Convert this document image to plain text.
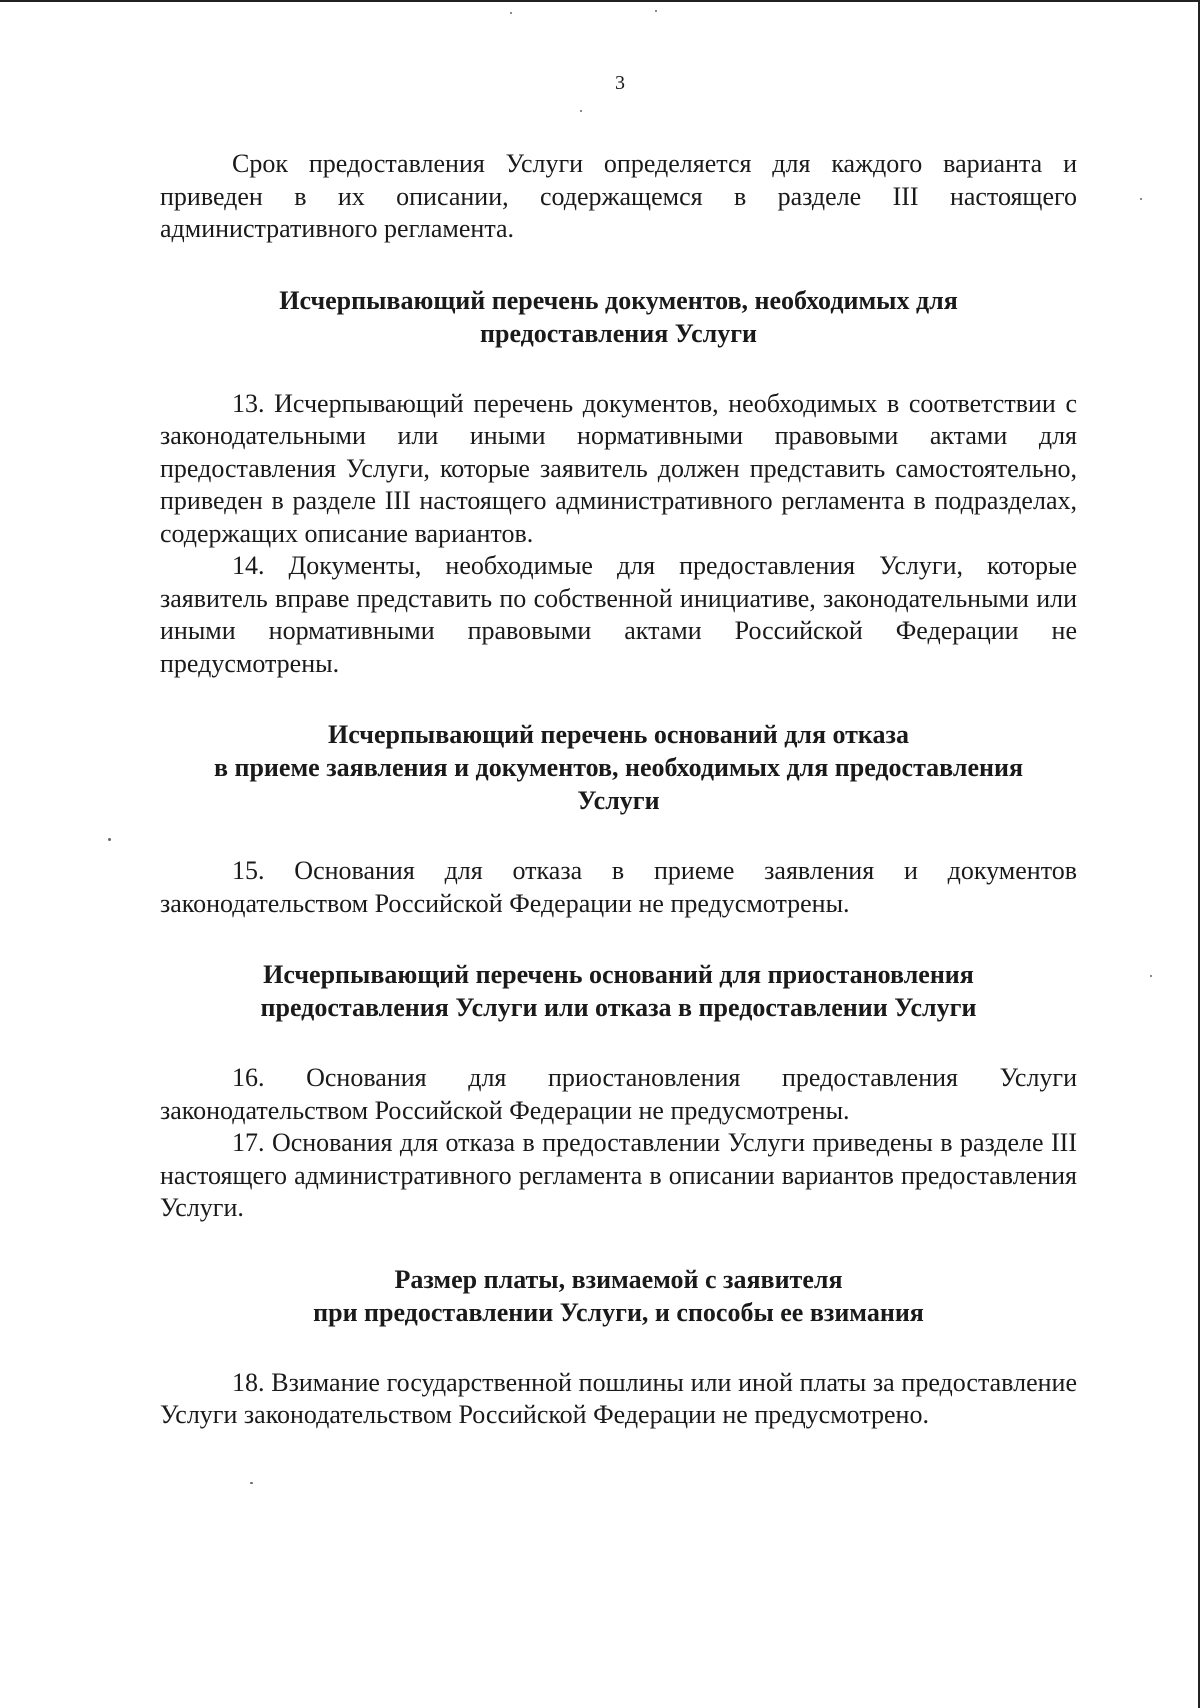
3

Срок предоставления Услуги определяется для каждого варианта и приведен в их описании, содержащемся в разделе III настоящего административного регламента.

Исчерпывающий перечень документов, необходимых для
предоставления Услуги

13. Исчерпывающий перечень документов, необходимых в соответствии с законодательными или иными нормативными правовыми актами для предоставления Услуги, которые заявитель должен представить самостоятельно, приведен в разделе III настоящего административного регламента в подразделах, содержащих описание вариантов.

14. Документы, необходимые для предоставления Услуги, которые заявитель вправе представить по собственной инициативе, законодательными или иными нормативными правовыми актами Российской Федерации не предусмотрены.

Исчерпывающий перечень оснований для отказа
в приеме заявления и документов, необходимых для предоставления
Услуги

15. Основания для отказа в приеме заявления и документов законодательством Российской Федерации не предусмотрены.

Исчерпывающий перечень оснований для приостановления
предоставления Услуги или отказа в предоставлении Услуги

16. Основания для приостановления предоставления Услуги законодательством Российской Федерации не предусмотрены.

17. Основания для отказа в предоставлении Услуги приведены в разделе III настоящего административного регламента в описании вариантов предоставления Услуги.

Размер платы, взимаемой с заявителя
при предоставлении Услуги, и способы ее взимания

18. Взимание государственной пошлины или иной платы за предоставление Услуги законодательством Российской Федерации не предусмотрено.
